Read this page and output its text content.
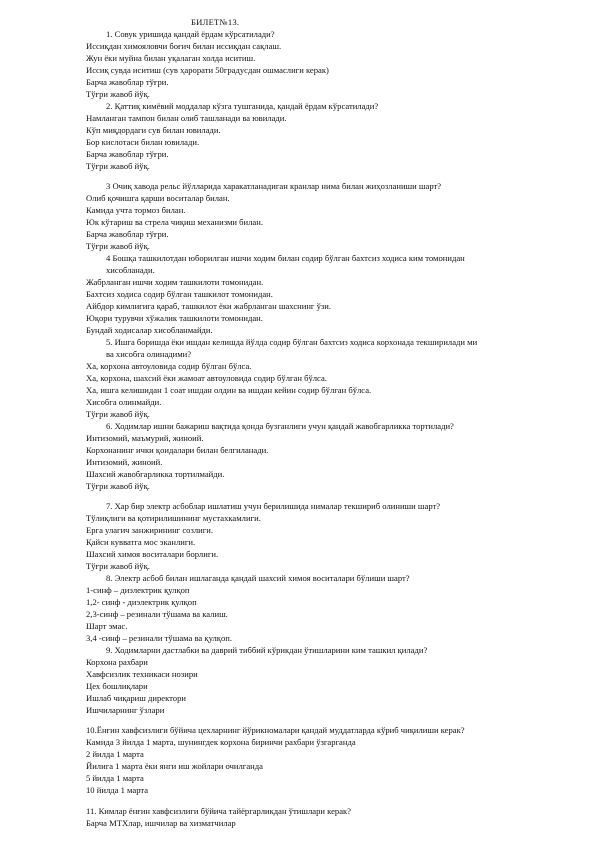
БИЛЕТ№13.
1. Совук уришида қандай ёрдам кўрсатилади?
Иссиқдан химояловчи боғич билан иссиқдан сақлаш.
Жун ёки муйна билан уқалаган холда иситиш.
Иссиқ сувда иситиш (сув ҳарорати 50градусдан ошмаслиги керак)
Барча жавоблар тўғри.
Тўғри жавоб йўқ.
2. Қаттиқ кимёвий моддалар кўзга тушганида, қандай ёрдам кўрсатилади?
Намланган тампон билан олиб ташланади ва ювилади.
Кўп миқдордаги сув билан ювилади.
Бор кислотаси билан ювилади.
Барча жавоблар тўғри.
Тўғри жавоб йўқ.
3 Очиқ хавода рельс йўлларида харакатланадиган кранлар нима билан жиҳозланиши шарт?
Олиб қочишга қарши воситалар билан.
Камида учта тормоз билан.
Юк кўтариш ва стрела чиқиш механизми билан.
Барча жавоблар тўғри.
Тўғри жавоб йўқ.
4 Бошқа ташкилотдан юборилган ишчи ходим билан содир бўлган бахтсиз ходиса ким томонидан
хисобланади.
Жабрланган ишчи ходим ташкилоти томонидан.
Бахтсиз ходиса содир бўлган ташкилот томонидан.
Айбдор кимлигига қараб, ташкилот ёки жабрланган шахснинг ўзи.
Юқори турувчи хўжалик ташкилоти томонидан.
Бундай ходисалар хисобланмайди.
5. Ишга боришда ёки ишдан келишда йўлда содир бўлган бахтсиз ходиса корхонада текширилади ми
ва хисобга олинадими?
Ха, корхона автоуловида содир бўлган бўлса.
Ха, корхона, шахсий ёки жамоат автоуловида содир бўлган бўлса.
Ха, ишга келишидан 1 соат ишдан олдин ва ишдан кейин содир бўлган бўлса.
Хисобга олинмайди.
Тўғри жавоб йўқ.
6. Ходимлар ишни бажариш вақтида қонда бузганлиги учун қандай жавобгарликка тортилади?
Интизомий, маъмурий, жиноий.
Корхонанинг ички қоидалари билан белгиланади.
Интизомий, жиноий.
Шахсий жавобгарликка тортилмайди.
Тўғри жавоб йўқ.
7. Хар бир электр асбоблар ишлатиш учун берилишида нималар текшириб олиниши шарт?
Тўлиқлиги ва қотирилишининг мустахкамлиги.
Ерга улагич занжирининг созлиги.
Қайси кувватга мос эканлиги.
Шахсий химоя воситалари борлиги.
Тўғри жавоб йўқ.
8. Электр асбоб билан ишлаганда қандай шахсий химоя воситалари бўлиши шарт?
1-синф – диэлектрик қулқоп
1,2- синф - диэлектрик қулқоп
2,3-синф – резинали тўшама ва калиш.
Шарт эмас.
3,4 -синф – резинали тўшама ва қулқоп.
9. Ходимларни дастлабки ва даврий тиббий кўрикдан ўтишларини ким ташкил қилади?
Корхона рахбари
Хавфсизлик техникаси нозири
Цех бошлиқлари
Ишлаб чиқариш директори
Ишчиларнинг ўзлари
10.Ёнғин хавфсизлиги бўйича цехларнинг йўрикномалари қандай муддатларда кўриб чиқилиши керак?
Камида 3 йилда 1 марта, шунингдек корхона биринчи рахбари ўзгарганда
2 йилда 1 марта
Йилига 1 марта ёки янги иш жойлари очилганда
5 йилда 1 марта
10 йилда 1 марта
11. Кимлар ёнғин хавфсизлиги бўйича тайёргарликдан ўтишлари керак?
Барча МТХлар, ишчилар ва хизматчилар
